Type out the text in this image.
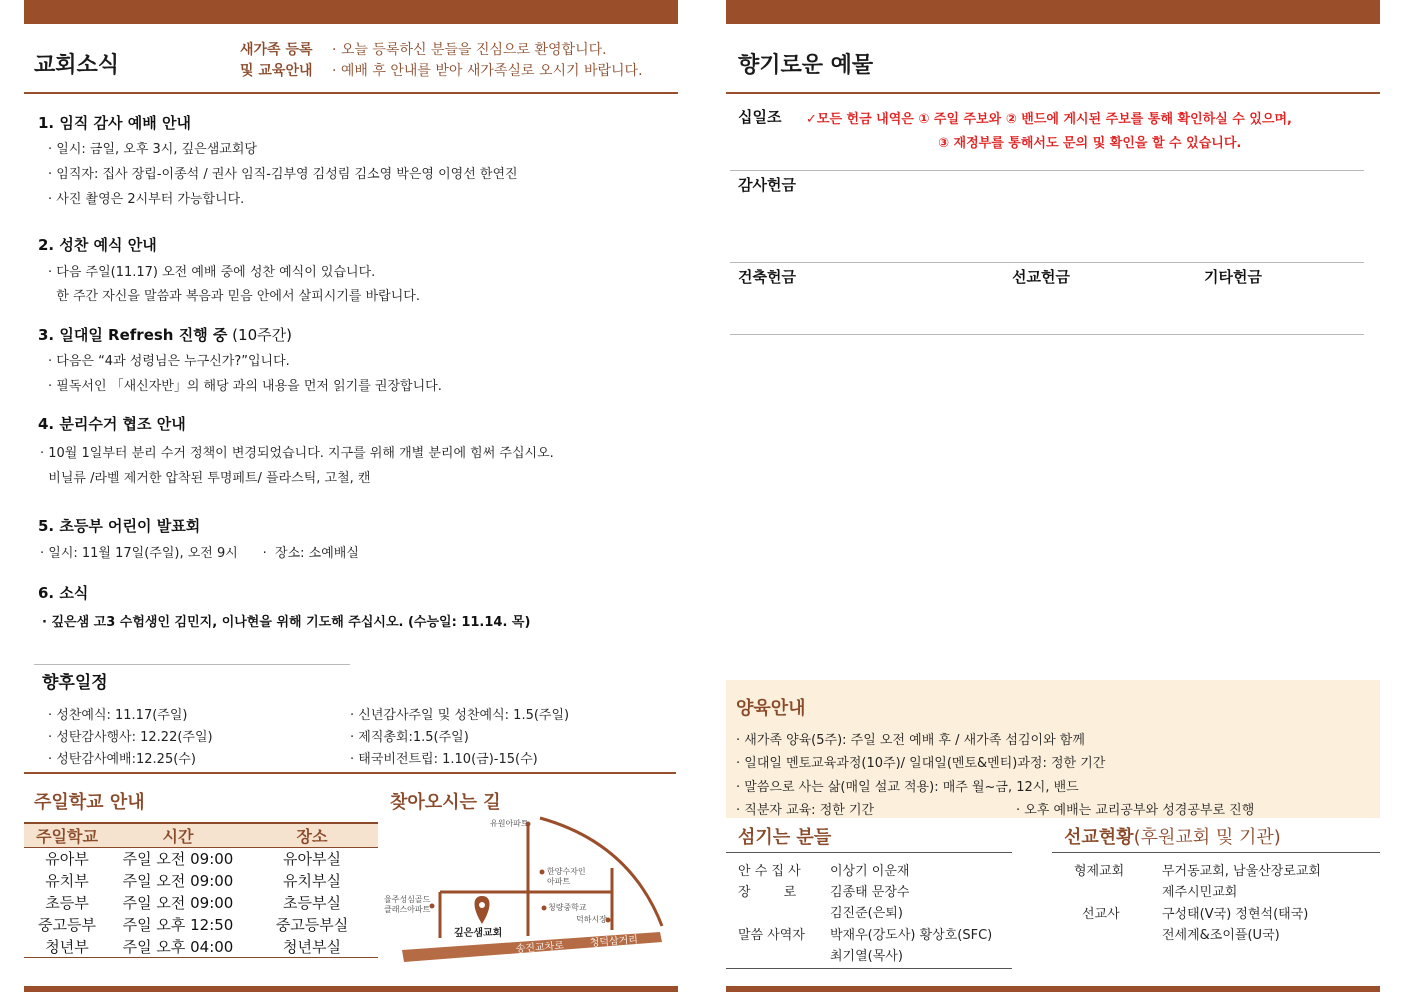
교회소식
새가족 등록
및 교육안내
· 오늘 등록하신 분들을 진심으로 환영합니다.
· 예배 후 안내를 받아 새가족실로 오시기 바랍니다.
1. 임직 감사 예배 안내
· 일시: 금일, 오후 3시, 깊은샘교회당
· 임직자: 집사 장립-이종석 / 권사 임직-김부영 김성림 김소영 박은영 이영선 한연진
· 사진 촬영은 2시부터 가능합니다.
2. 성찬 예식 안내
· 다음 주일(11.17) 오전 예배 중에 성찬 예식이 있습니다.
한 주간 자신을 말씀과 복음과 믿음 안에서 살피시기를 바랍니다.
3. 일대일 Refresh 진행 중 (10주간)
· 다음은 “4과 성령님은 누구신가?”입니다.
· 필독서인 「새신자반」의 해당 과의 내용을 먼저 읽기를 권장합니다.
4. 분리수거 협조 안내
· 10월 1일부터 분리 수거 정책이 변경되었습니다. 지구를 위해 개별 분리에 힘써 주십시오.
비닐류 /라벨 제거한 압착된 투명페트/ 플라스틱, 고철, 캔
5. 초등부 어린이 발표회
· 일시: 11월 17일(주일), 오전 9시      ·  장소: 소예배실
6. 소식
· 깊은샘 고3 수험생인 김민지, 이나현을 위해 기도해 주십시오. (수능일: 11.14. 목)
향후일정
· 성찬예식: 11.17(주일)
· 성탄감사행사: 12.22(주일)
· 성탄감사예배:12.25(수)
· 신년감사주일 및 성찬예식: 1.5(주일)
· 제직총회:1.5(주일)
· 태국비전트립: 1.10(금)-15(수)
주일학교 안내
주일학교	시간	장소
유아부	주일 오전 09:00	유아부실
유치부	주일 오전 09:00	유치부실
초등부	주일 오전 09:00	초등부실
중고등부	주일 오후 12:50	중고등부실
청년부	주일 오후 04:00	청년부실
찾아오시는 길
유원아파트
한양수자인
아파트
율주성심골드
클래스아파트	청량중학교
덕하시장
깊은샘교회
송진교차로	청덕삼거리
향기로운 예물
십일조 ✓모든 헌금 내역은 ① 주일 주보와 ② 밴드에 게시된 주보를 통해 확인하실 수 있으며,
③ 재정부를 통해서도 문의 및 확인을 할 수 있습니다.
감사헌금
건축헌금	선교헌금	기타헌금
양육안내
· 새가족 양육(5주): 주일 오전 예배 후 / 새가족 섬김이와 함께
· 일대일 멘토교육과정(10주)/ 일대일(멘토&멘티)과정: 정한 기간
· 말씀으로 사는 삶(매일 설교 적용): 매주 월~금, 12시, 밴드
· 직분자 교육: 정한 기간	· 오후 예배는 교리공부와 성경공부로 진행
섬기는 분들
안 수 집 사 이상기 이운재
장        로	김종태 문장수
김진준(은퇴)
말씀 사역자 박재우(강도사) 황상호(SFC)
최기열(목사)
선교현황(후원교회 및 기관)
형제교회	무거동교회, 남울산장로교회
제주시민교회
선교사	구성태(V국) 정현석(태국)
전세계&조이플(U국)
